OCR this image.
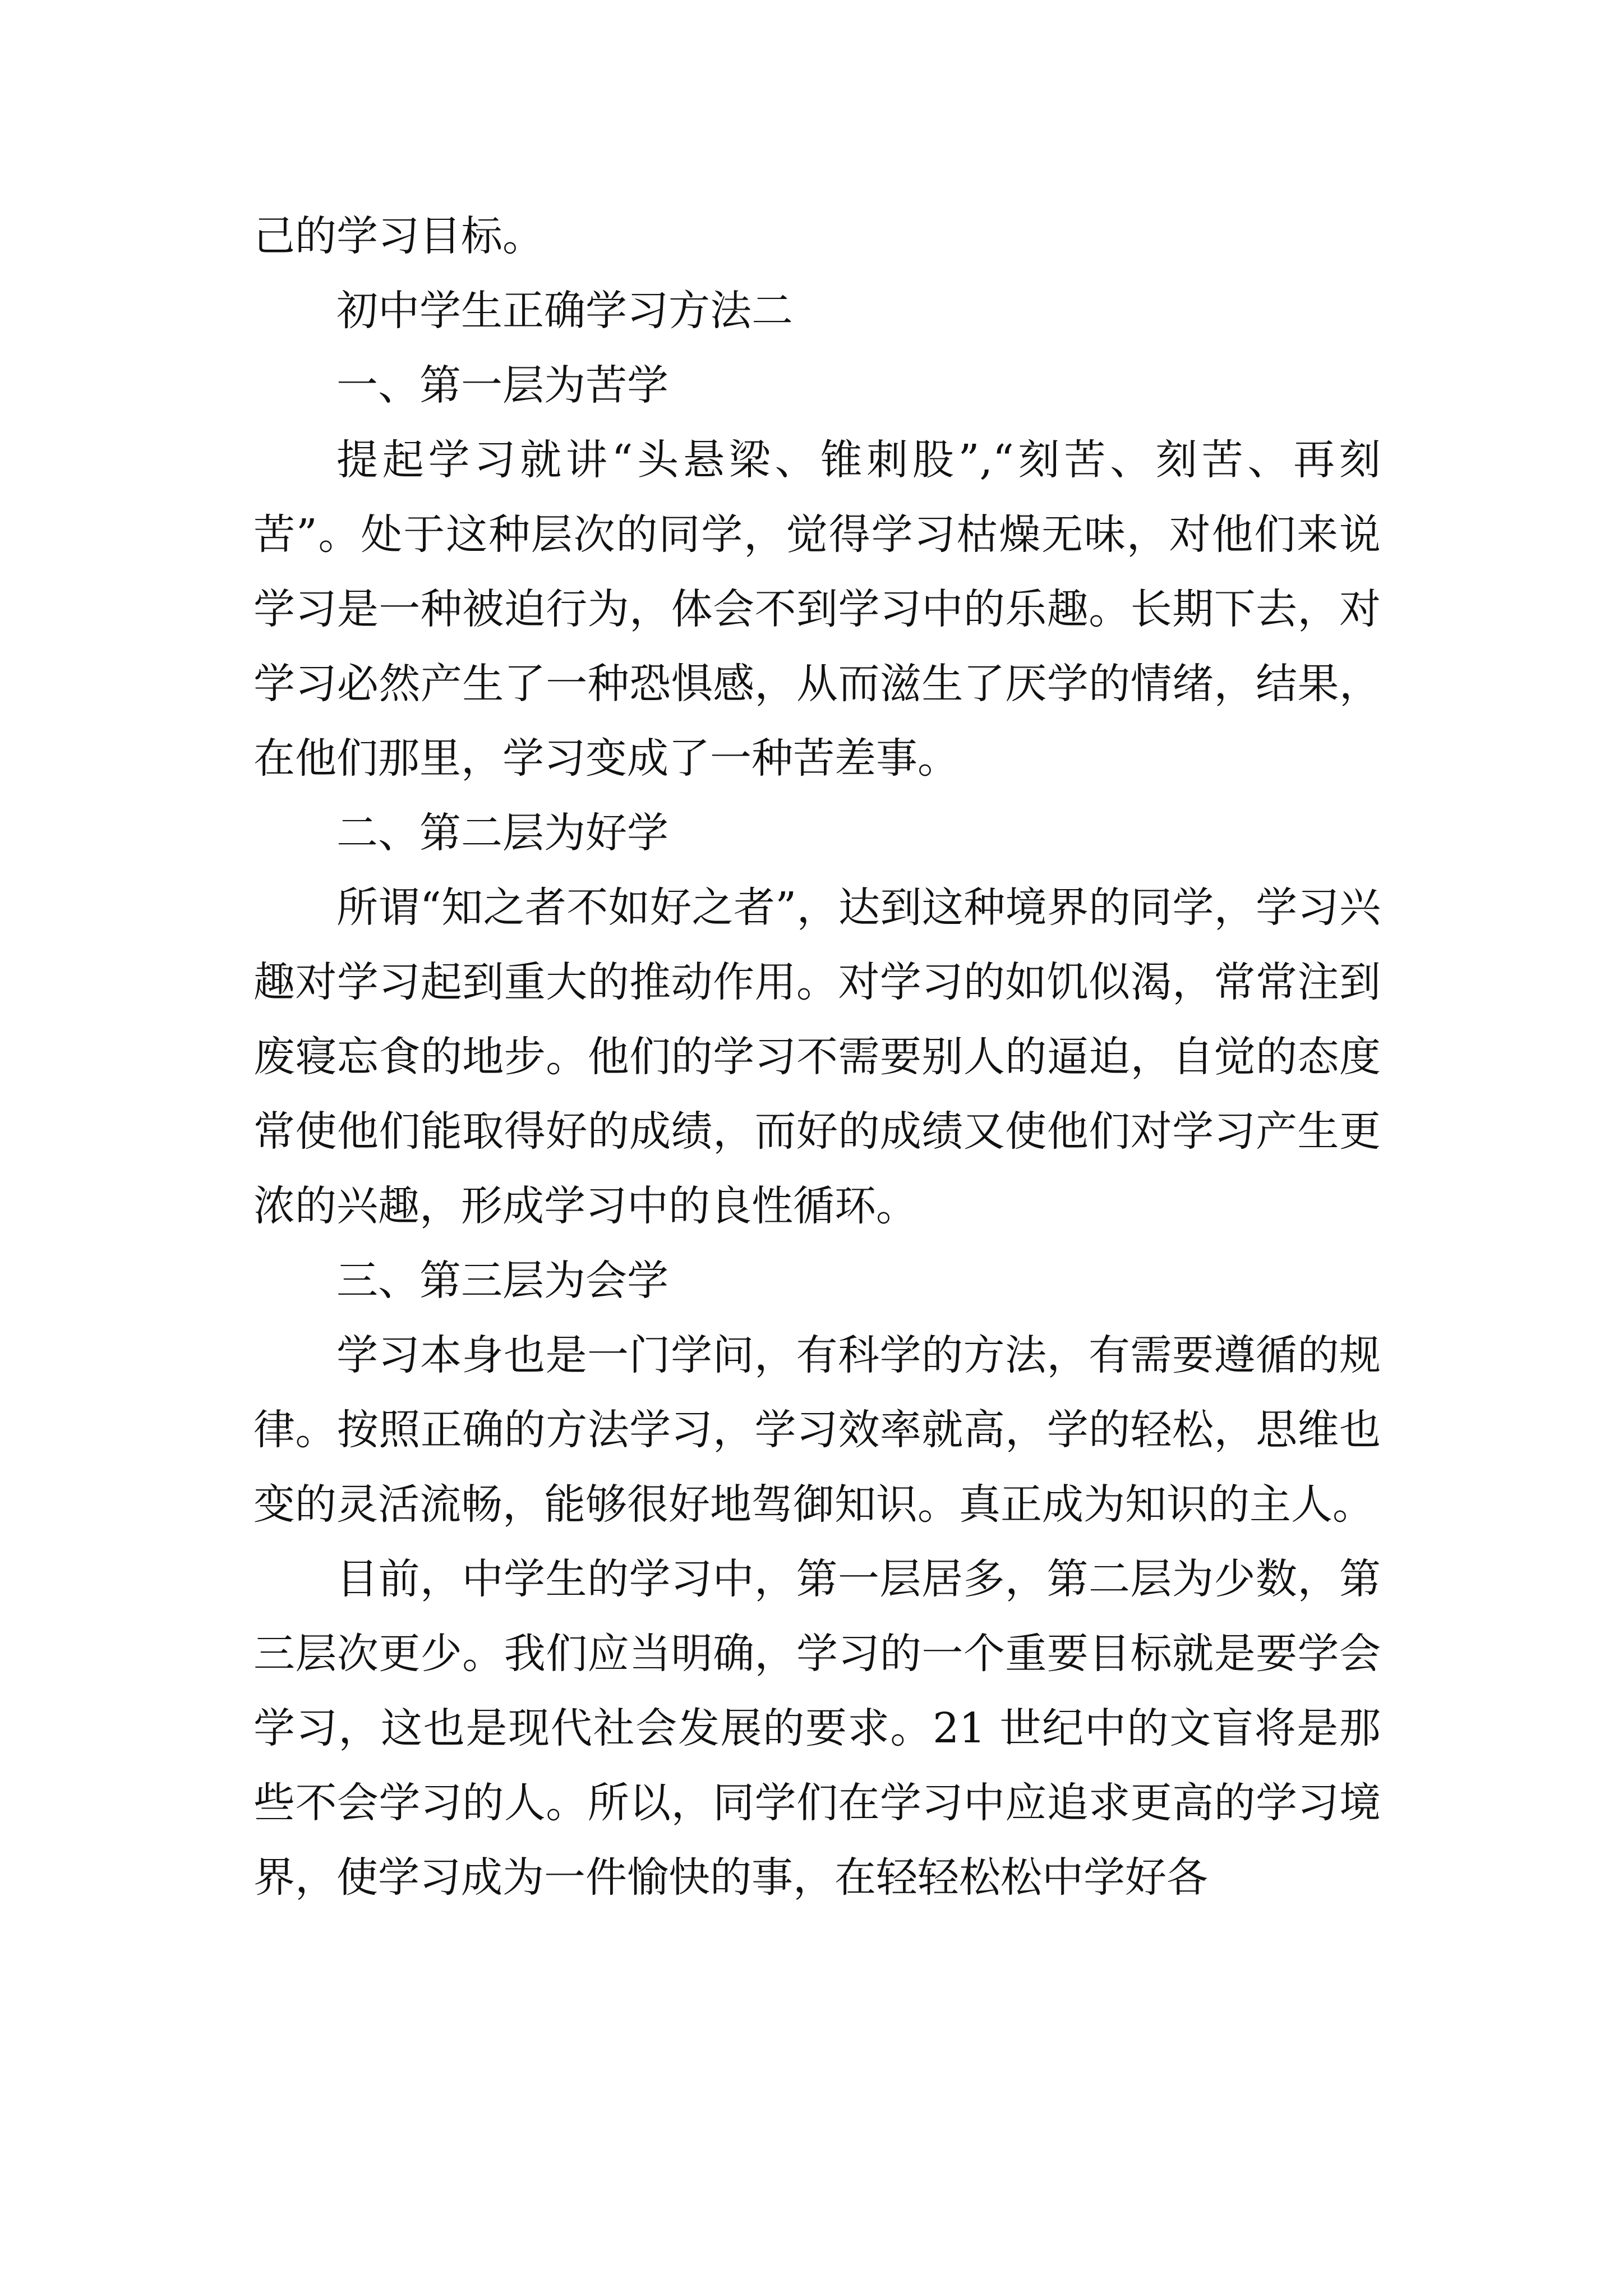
己的学习目标。

初中学生正确学习方法二

一、第一层为苦学

提起学习就讲“头悬梁、锥刺股”,“刻苦、刻苦、再刻苦”。处于这种层次的同学，觉得学习枯燥无味，对他们来说学习是一种被迫行为，体会不到学习中的乐趣。长期下去，对学习必然产生了一种恐惧感，从而滋生了厌学的情绪，结果，在他们那里，学习变成了一种苦差事。

二、第二层为好学

所谓“知之者不如好之者”，达到这种境界的同学，学习兴趣对学习起到重大的推动作用。对学习的如饥似渴，常常注到废寝忘食的地步。他们的学习不需要别人的逼迫，自觉的态度常使他们能取得好的成绩，而好的成绩又使他们对学习产生更浓的兴趣，形成学习中的良性循环。

三、第三层为会学

学习本身也是一门学问，有科学的方法，有需要遵循的规律。按照正确的方法学习，学习效率就高，学的轻松，思维也变的灵活流畅，能够很好地驾御知识。真正成为知识的主人。

目前，中学生的学习中，第一层居多，第二层为少数，第三层次更少。我们应当明确，学习的一个重要目标就是要学会学习，这也是现代社会发展的要求。21 世纪中的文盲将是那些不会学习的人。所以，同学们在学习中应追求更高的学习境界，使学习成为一件愉快的事，在轻轻松松中学好各
